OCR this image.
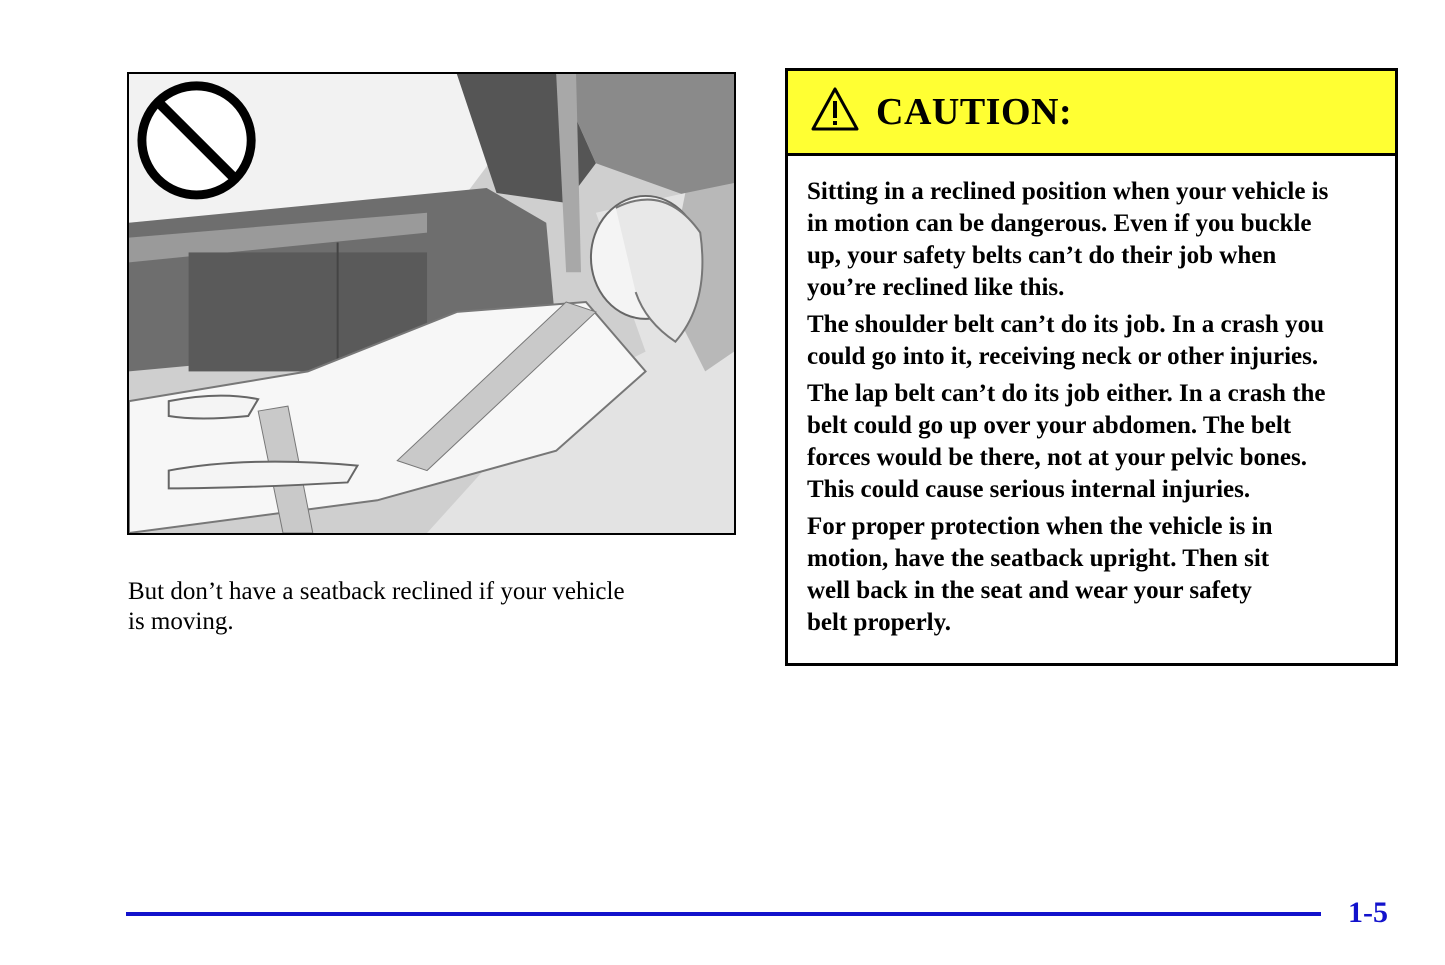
But don’t have a seatback reclined if your vehicle
is moving.
CAUTION:

Sitting in a reclined position when your vehicle is
in motion can be dangerous. Even if you buckle
up, your safety belts can’t do their job when
you’re reclined like this.

The shoulder belt can’t do its job. In a crash you
could go into it, receiving neck or other injuries.

The lap belt can’t do its job either. In a crash the
belt could go up over your abdomen. The belt
forces would be there, not at your pelvic bones.
This could cause serious internal injuries.

For proper protection when the vehicle is in
motion, have the seatback upright. Then sit
well back in the seat and wear your safety
belt properly.

1-5
